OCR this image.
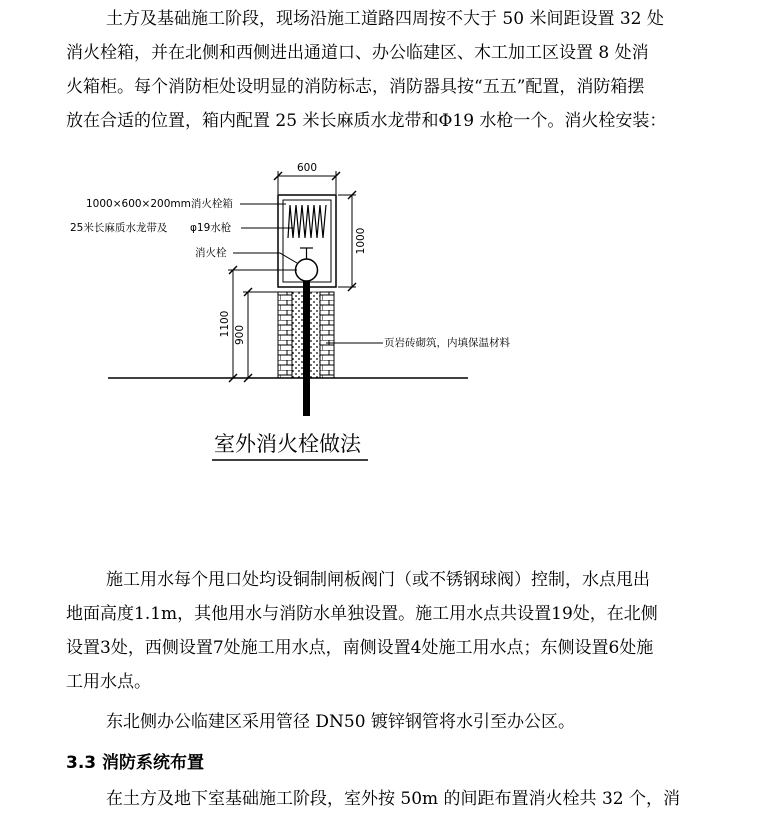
土方及基础施工阶段，现场沿施工道路四周按不大于 50 米间距设置 32 处
消火栓箱，并在北侧和西侧进出通道口、办公临建区、木工加工区设置 8 处消
火箱柜。每个消防柜处设明显的消防标志，消防器具按“五五”配置，消防箱摆
放在合适的位置，箱内配置 25 米长麻质水龙带和Φ19 水枪一个。消火栓安装：
600
1000
1100 900
1000×600×200mm消火栓箱
25米长麻质水龙带及 φ19水枪
消火栓
页岩砖砌筑，内填保温材料
室外消火栓做法
施工用水每个甩口处均设铜制闸板阀门（或不锈钢球阀）控制，水点甩出
地面高度1.1m，其他用水与消防水单独设置。施工用水点共设置19处，在北侧
设置3处，西侧设置7处施工用水点，南侧设置4处施工用水点；东侧设置6处施
工用水点。
东北侧办公临建区采用管径 DN50 镀锌钢管将水引至办公区。
3.3 消防系统布置
在土方及地下室基础施工阶段，室外按 50m 的间距布置消火栓共 32 个，消
